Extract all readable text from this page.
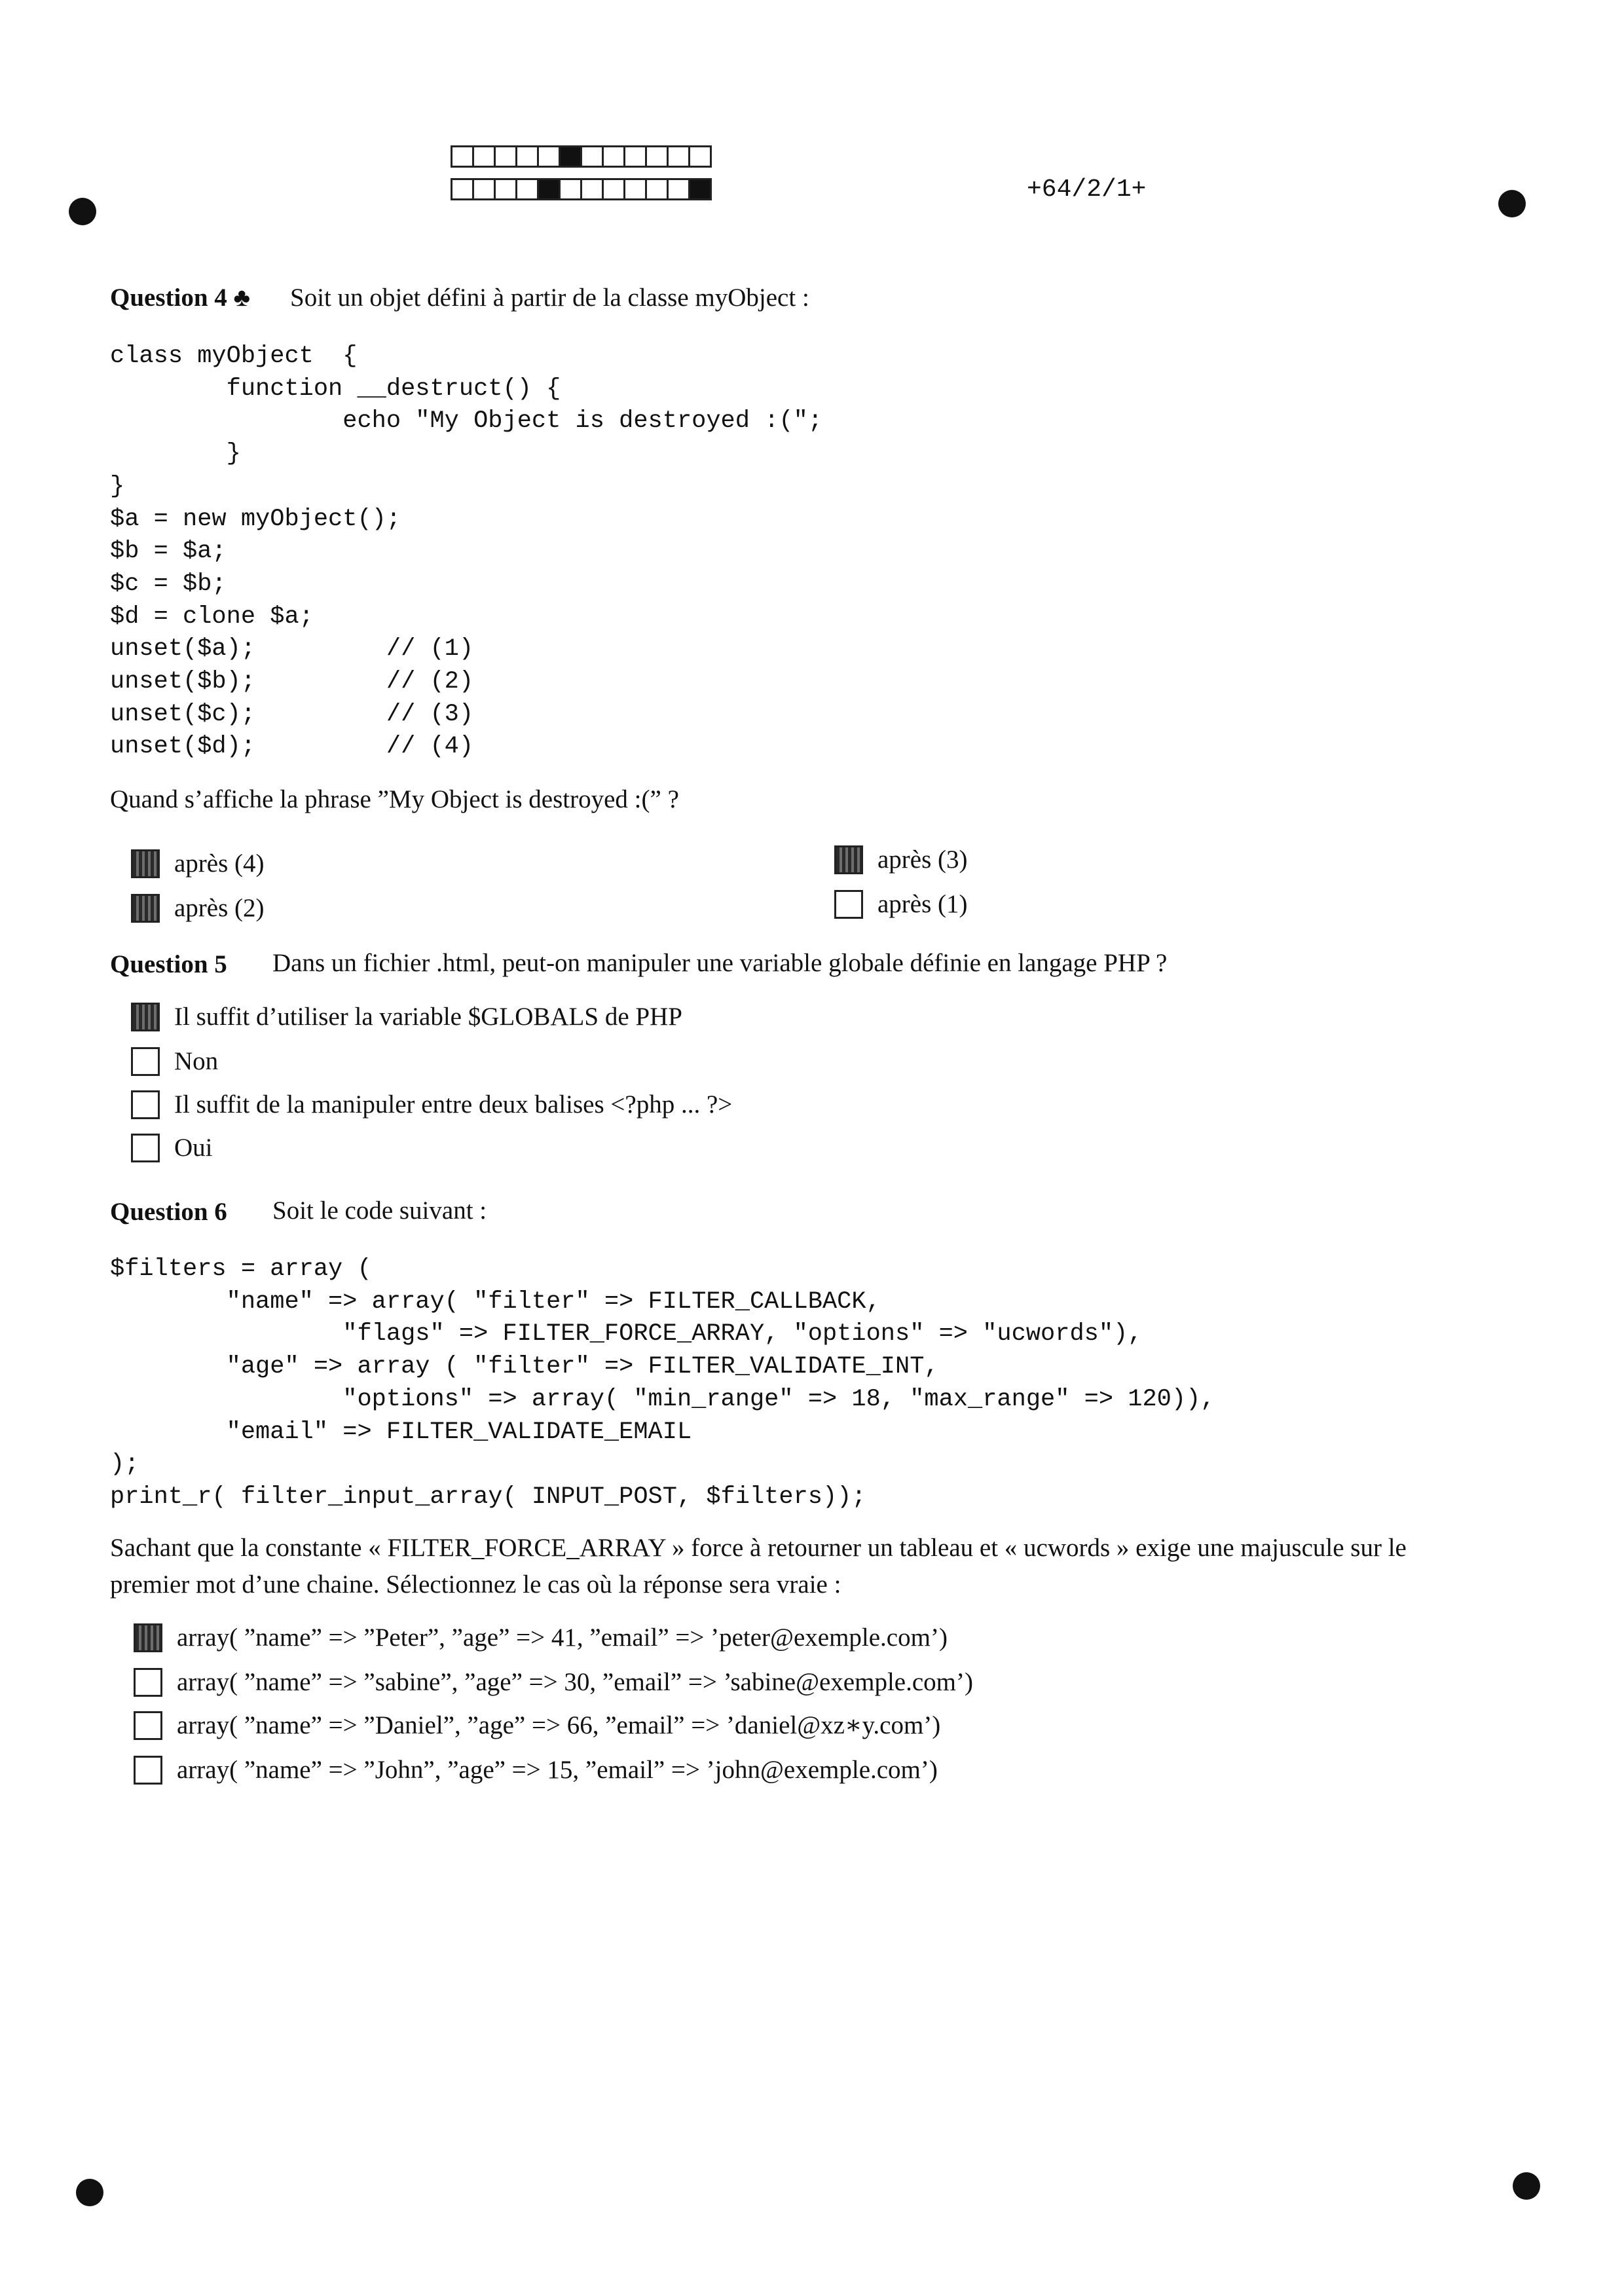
+64/2/1+
Question 4 ♣ Soit un objet défini à partir de la classe myObject :
class myObject  {
function __destruct() {
echo "My Object is destroyed :(";
}
}
$a = new myObject();
$b = $a;
$c = $b;
$d = clone $a;
unset($a);         // (1)
unset($b);         // (2)
unset($c);         // (3)
unset($d);         // (4)
Quand s’affiche la phrase ”My Object is destroyed :(” ?
après (4)	après (3)
après (2)	après (1)
Question 5 Dans un fichier .html, peut-on manipuler une variable globale définie en langage PHP ?
Il suffit d’utiliser la variable $GLOBALS de PHP
Non
Il suffit de la manipuler entre deux balises <?php ... ?>
Oui
Question 6 Soit le code suivant :
$filters = array (
"name" => array( "filter" => FILTER_CALLBACK,
"flags" => FILTER_FORCE_ARRAY, "options" => "ucwords"),
"age" => array ( "filter" => FILTER_VALIDATE_INT,
"options" => array( "min_range" => 18, "max_range" => 120)),
"email" => FILTER_VALIDATE_EMAIL
);
print_r( filter_input_array( INPUT_POST, $filters));
Sachant que la constante « FILTER_FORCE_ARRAY » force à retourner un tableau et « ucwords » exige une majuscule sur le
premier mot d’une chaine. Sélectionnez le cas où la réponse sera vraie :
array( ”name” => ”Peter”, ”age” => 41, ”email” => ’peter@exemple.com’)
array( ”name” => ”sabine”, ”age” => 30, ”email” => ’sabine@exemple.com’)
array( ”name” => ”Daniel”, ”age” => 66, ”email” => ’daniel@xz∗y.com’)
array( ”name” => ”John”, ”age” => 15, ”email” => ’john@exemple.com’)
